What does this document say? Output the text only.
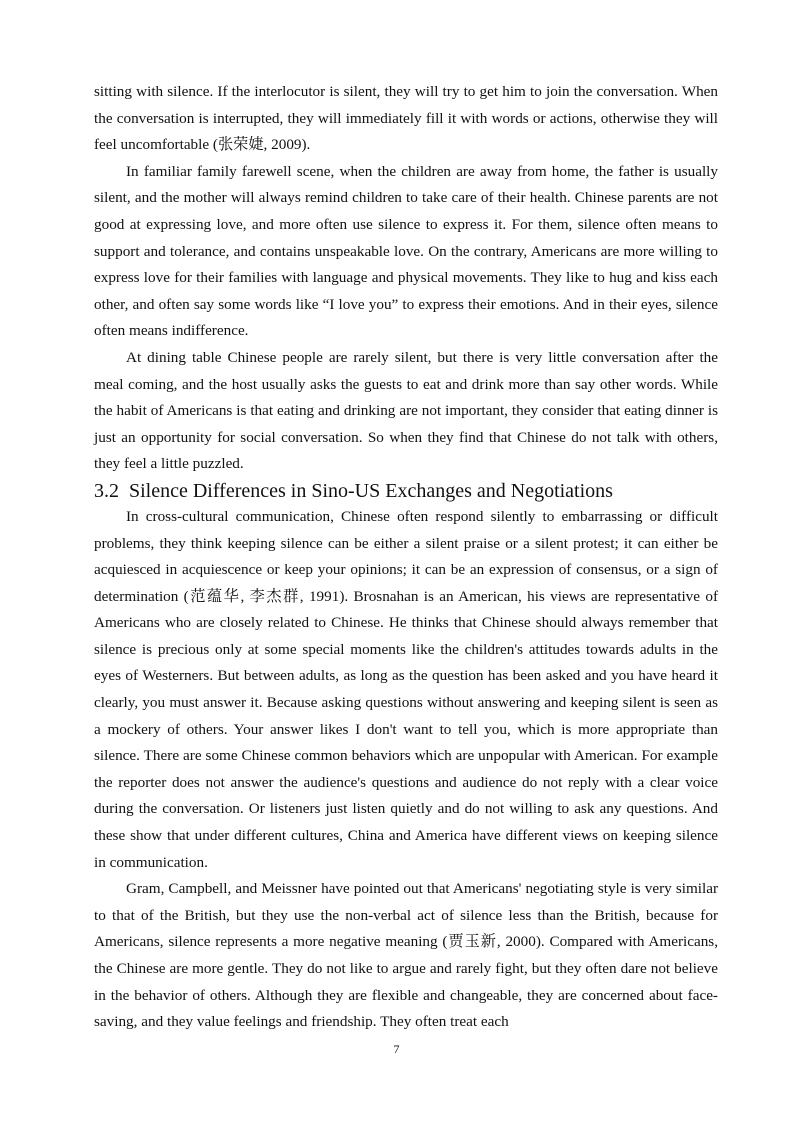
sitting with silence. If the interlocutor is silent, they will try to get him to join the conversation. When the conversation is interrupted, they will immediately fill it with words or actions, otherwise they will feel uncomfortable (张荣婕, 2009).

In familiar family farewell scene, when the children are away from home, the father is usually silent, and the mother will always remind children to take care of their health. Chinese parents are not good at expressing love, and more often use silence to express it. For them, silence often means to support and tolerance, and contains unspeakable love. On the contrary, Americans are more willing to express love for their families with language and physical movements. They like to hug and kiss each other, and often say some words like “I love you” to express their emotions. And in their eyes, silence often means indifference.

At dining table Chinese people are rarely silent, but there is very little conversation after the meal coming, and the host usually asks the guests to eat and drink more than say other words. While the habit of Americans is that eating and drinking are not important, they consider that eating dinner is just an opportunity for social conversation. So when they find that Chinese do not talk with others, they feel a little puzzled.

3.2 Silence Differences in Sino-US Exchanges and Negotiations

In cross-cultural communication, Chinese often respond silently to embarrassing or difficult problems, they think keeping silence can be either a silent praise or a silent protest; it can either be acquiesced in acquiescence or keep your opinions; it can be an expression of consensus, or a sign of determination (范蕴华, 李杰群, 1991). Brosnahan is an American, his views are representative of Americans who are closely related to Chinese. He thinks that Chinese should always remember that silence is precious only at some special moments like the children's attitudes towards adults in the eyes of Westerners. But between adults, as long as the question has been asked and you have heard it clearly, you must answer it. Because asking questions without answering and keeping silent is seen as a mockery of others. Your answer likes I don't want to tell you, which is more appropriate than silence. There are some Chinese common behaviors which are unpopular with American. For example the reporter does not answer the audience's questions and audience do not reply with a clear voice during the conversation. Or listeners just listen quietly and do not willing to ask any questions. And these show that under different cultures, China and America have different views on keeping silence in communication.

Gram, Campbell, and Meissner have pointed out that Americans' negotiating style is very similar to that of the British, but they use the non-verbal act of silence less than the British, because for Americans, silence represents a more negative meaning (贾玉新, 2000). Compared with Americans, the Chinese are more gentle. They do not like to argue and rarely fight, but they often dare not believe in the behavior of others. Although they are flexible and changeable, they are concerned about face-saving, and they value feelings and friendship. They often treat each

7
